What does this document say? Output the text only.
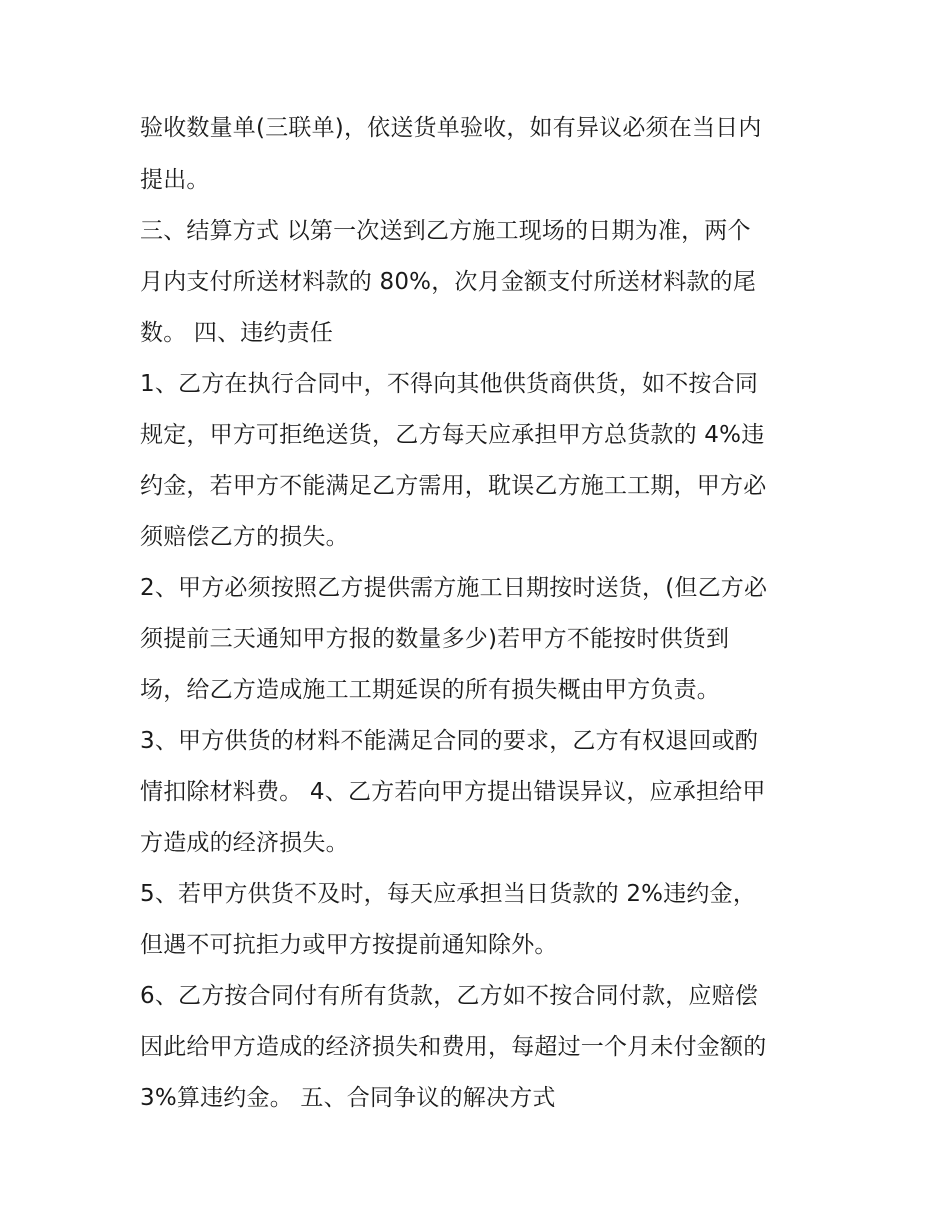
验收数量单(三联单)，依送货单验收，如有异议必须在当日内
提出。
三、结算方式 以第一次送到乙方施工现场的日期为准，两个
月内支付所送材料款的 80%，次月金额支付所送材料款的尾
数。 四、违约责任
1、乙方在执行合同中，不得向其他供货商供货，如不按合同
规定，甲方可拒绝送货，乙方每天应承担甲方总货款的 4%违
约金，若甲方不能满足乙方需用，耽误乙方施工工期，甲方必
须赔偿乙方的损失。
2、甲方必须按照乙方提供需方施工日期按时送货，(但乙方必
须提前三天通知甲方报的数量多少)若甲方不能按时供货到
场，给乙方造成施工工期延误的所有损失概由甲方负责。
3、甲方供货的材料不能满足合同的要求，乙方有权退回或酌
情扣除材料费。 4、乙方若向甲方提出错误异议，应承担给甲
方造成的经济损失。
5、若甲方供货不及时，每天应承担当日货款的 2%违约金，
但遇不可抗拒力或甲方按提前通知除外。
6、乙方按合同付有所有货款，乙方如不按合同付款，应赔偿
因此给甲方造成的经济损失和费用，每超过一个月未付金额的
3%算违约金。 五、合同争议的解决方式
